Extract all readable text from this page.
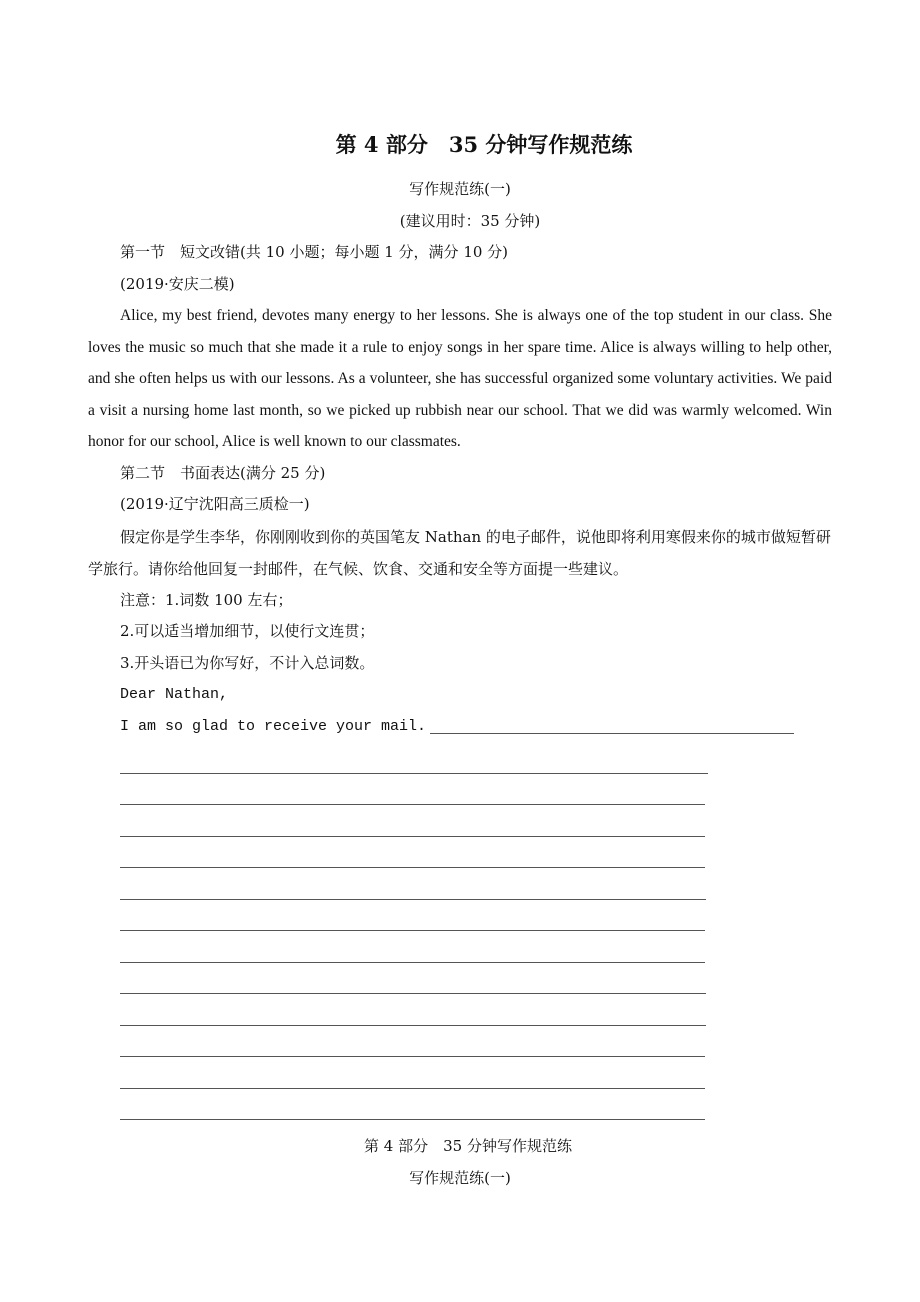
第 4 部分　35 分钟写作规范练
写作规范练(一)
(建议用时：35 分钟)
第一节　短文改错(共 10 小题；每小题 1 分，满分 10 分)
(2019·安庆二模)
Alice, my best friend, devotes many energy to her lessons. She is always one of the top student in our class. She loves the music so much that she made it a rule to enjoy songs in her spare time. Alice is always willing to help other, and she often helps us with our lessons. As a volunteer, she has successful organized some voluntary activities. We paid a visit a nursing home last month, so we picked up rubbish near our school. That we did was warmly welcomed. Win honor for our school, Alice is well known to our classmates.
第二节　书面表达(满分 25 分)
(2019·辽宁沈阳高三质检一)
假定你是学生李华，你刚刚收到你的英国笔友 Nathan 的电子邮件，说他即将利用寒假来你的城市做短暂研学旅行。请你给他回复一封邮件，在气候、饮食、交通和安全等方面提一些建议。
注意：1.词数 100 左右；
2.可以适当增加细节，以使行文连贯；
3.开头语已为你写好，不计入总词数。
Dear Nathan,
I am so glad to receive your mail.
第 4 部分　35 分钟写作规范练
写作规范练(一)
